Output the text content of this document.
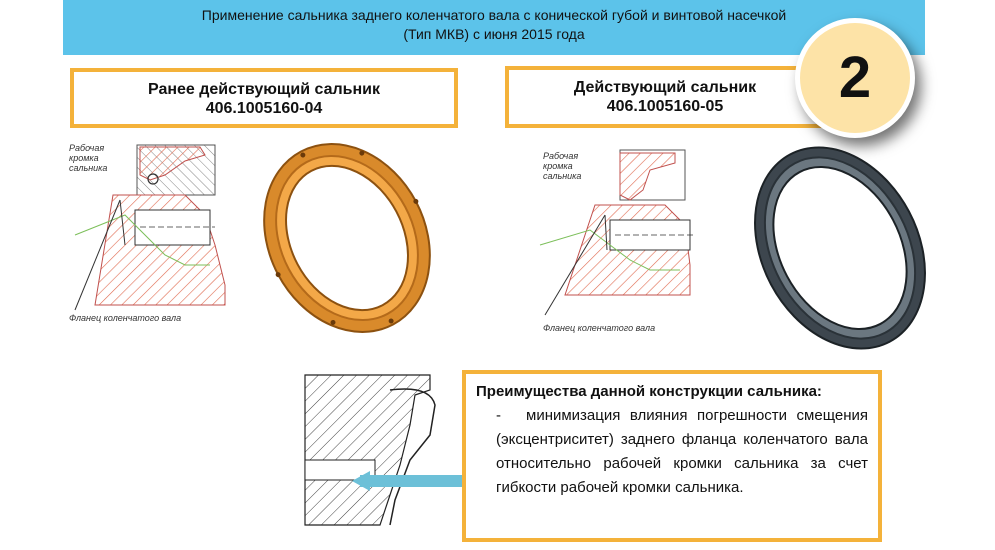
Применение сальника заднего коленчатого вала с конической губой и винтовой насечкой
(Тип МКВ) с июня 2015 года
Ранее действующий сальник
406.1005160-04
Действующий сальник
406.1005160-05	2
Рабочая
кромка
сальника
Фланец коленчатого вала
Рабочая
кромка
сальника
Фланец коленчатого вала
Преимущества данной конструкции сальника:
- минимизация влияния погрешности смещения (эксцентриситет) заднего фланца коленчатого вала относительно рабочей кромки сальника за счет гибкости рабочей кромки сальника.
